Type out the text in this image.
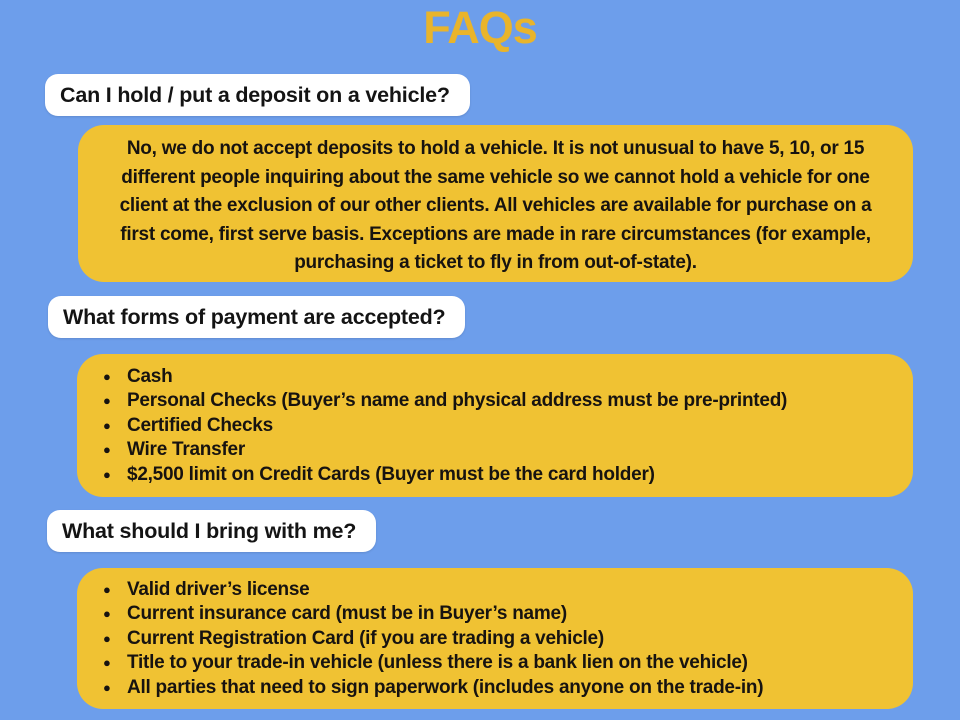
FAQs
Can I hold / put a deposit on a vehicle?
No, we do not accept deposits to hold a vehicle. It is not unusual to have 5, 10, or 15 different people inquiring about the same vehicle so we cannot hold a vehicle for one client at the exclusion of our other clients. All vehicles are available for purchase on a first come, first serve basis. Exceptions are made in rare circumstances (for example, purchasing a ticket to fly in from out-of-state).
What forms of payment are accepted?
● Cash
● Personal Checks (Buyer’s name and physical address must be pre-printed)
● Certified Checks
● Wire Transfer
● $2,500 limit on Credit Cards (Buyer must be the card holder)
What should I bring with me?
● Valid driver’s license
● Current insurance card (must be in Buyer’s name)
● Current Registration Card (if you are trading a vehicle)
● Title to your trade-in vehicle (unless there is a bank lien on the vehicle)
● All parties that need to sign paperwork (includes anyone on the trade-in)
